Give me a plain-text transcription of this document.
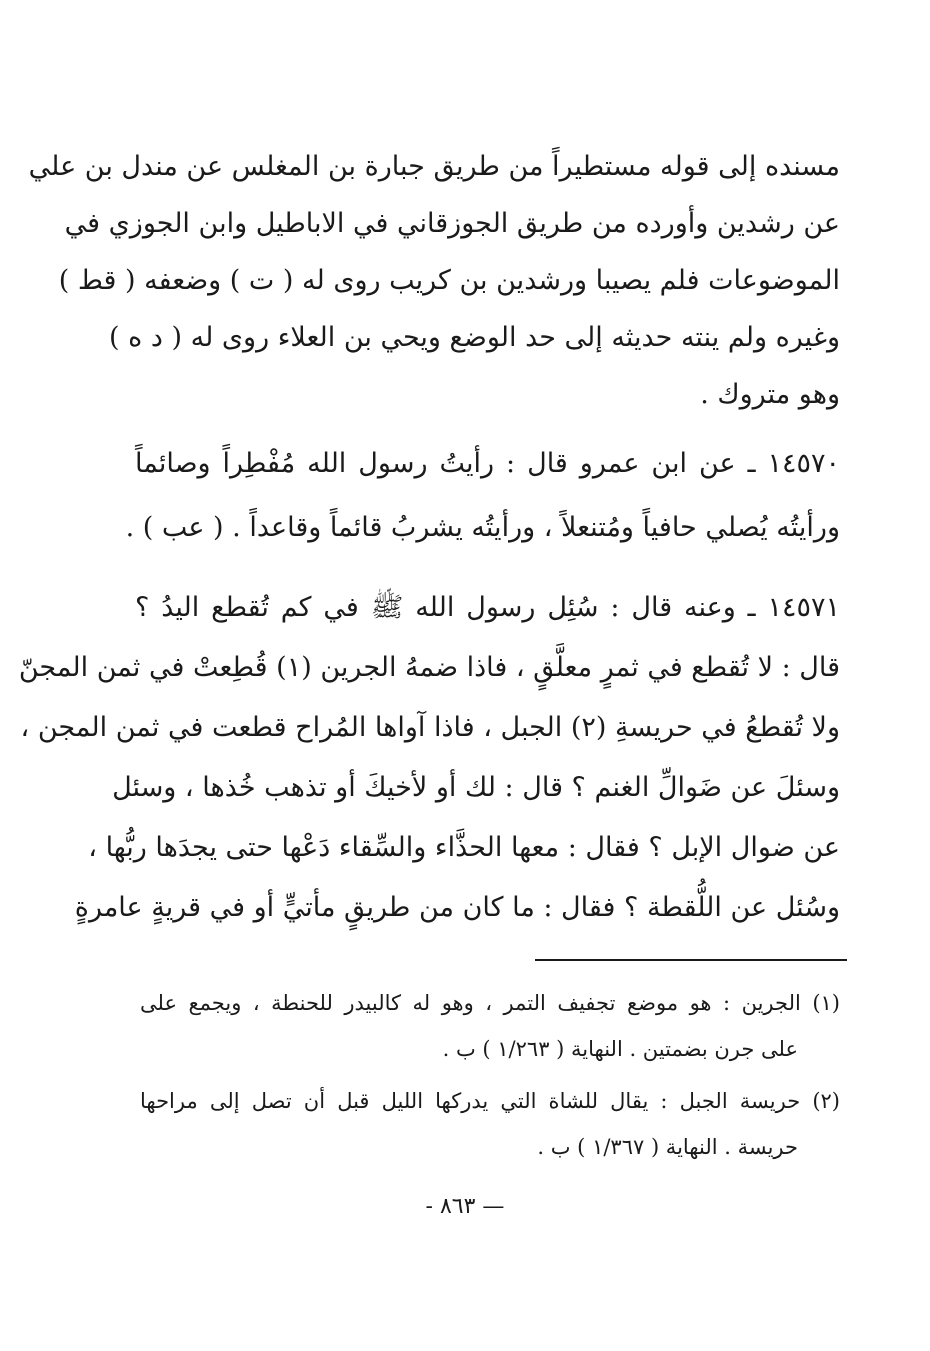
مسنده إلى قوله مستطيراً من طريق جبارة بن المغلس عن مندل بن علي
عن رشدين وأورده من طريق الجوزقاني في الاباطيل وابن الجوزي في
الموضوعات فلم يصيبا ورشدين بن كريب روى له ( ت ) وضعفه ( قط )
وغيره ولم ينته حديثه إلى حد الوضع ويحي بن العلاء روى له ( د ه )
وهو متروك .
١٤٥٧٠ ـ عن ابن عمرو قال : رأيتُ رسول الله مُفْطِراً وصائماً
ورأيتُه يُصلي حافياً ومُتنعلاً ، ورأيتُه يشربُ قائماً وقاعداً . ( عب ) .
١٤٥٧١ ـ وعنه قال : سُئِل رسول الله ﷺ في كم تُقطع اليدُ ؟
قال : لا تُقطع في ثمرٍ معلَّقٍ ، فاذا ضمهُ الجرين (١) قُطِعتْ في ثمن المجنّ
ولا تُقطعُ في حريسةِ (٢) الجبل ، فاذا آواها المُراح قطعت في ثمن المجن ،
وسئلَ عن ضَوالِّ الغنم ؟ قال : لك أو لأخيكَ أو تذهب خُذها ، وسئل
عن ضوال الإبل ؟ فقال : معها الحذَّاء والسِّقاء دَعْها حتى يجدَها ربُّها ،
وسُئل عن اللُّقطة ؟ فقال : ما كان من طريقٍ مأتيٍّ أو في قريةٍ عامرةٍ
(١) الجرين : هو موضع تجفيف التمر ، وهو له كالبيدر للحنطة ، ويجمع على
على جرن بضمتين . النهاية ( ١/٢٦٣ ) ب .
(٢) حريسة الجبل : يقال للشاة التي يدركها الليل قبل أن تصل إلى مراحها
حريسة . النهاية ( ١/٣٦٧ ) ب .
— ٨٦٣ -
